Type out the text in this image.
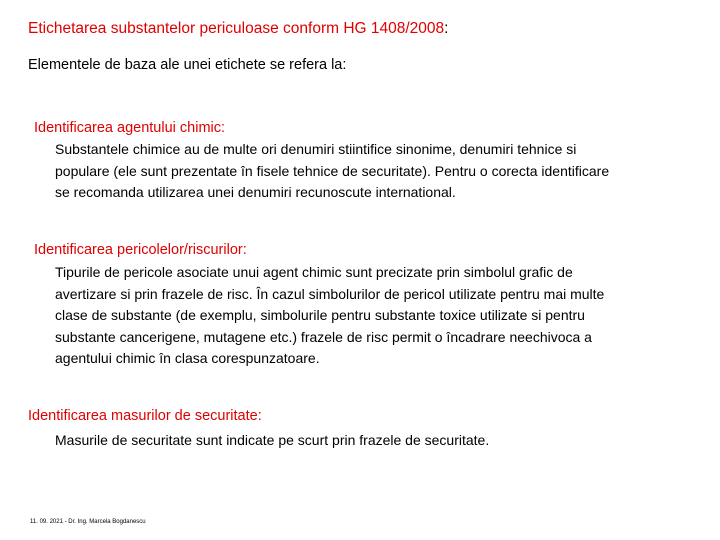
Etichetarea substantelor periculoase conform HG 1408/2008:
Elementele de baza ale unei etichete se refera la:
Identificarea agentului chimic:
Substantele chimice au de multe ori denumiri stiintifice sinonime, denumiri tehnice si
populare (ele sunt prezentate în fisele tehnice de securitate). Pentru o corecta identificare
se recomanda utilizarea unei denumiri recunoscute international.
Identificarea pericolelor/riscurilor:
Tipurile de pericole asociate unui agent chimic sunt precizate prin simbolul grafic de
avertizare si prin frazele de risc. În cazul simbolurilor de pericol utilizate pentru mai multe
clase de substante (de exemplu, simbolurile pentru substante toxice utilizate si pentru
substante cancerigene, mutagene etc.) frazele de risc permit o încadrare neechivoca a
agentului chimic în clasa corespunzatoare.
Identificarea masurilor de securitate:
Masurile de securitate sunt indicate pe scurt prin frazele de securitate.
11. 09. 2021 - Dr. Ing. Marcela Bogdanescu
